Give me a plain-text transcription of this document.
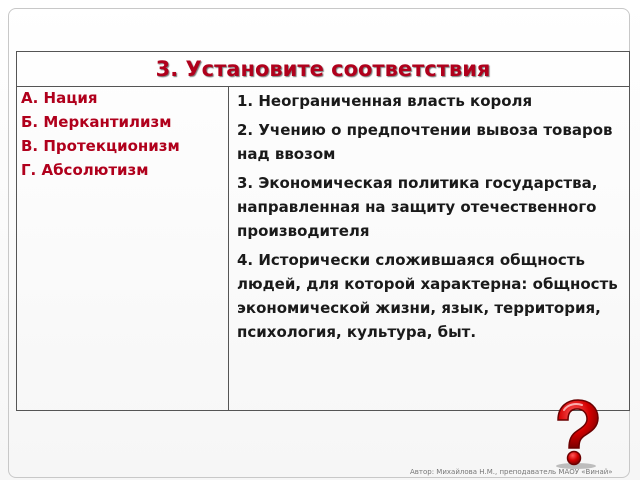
3. Установите соответствия
А. Нация
Б. Меркантилизм
В. Протекционизм
Г. Абсолютизм
1. Неограниченная власть короля
2. Учению о предпочтении вывоза товаров над ввозом
3. Экономическая политика государства, направленная на защиту отечественного производителя
4. Исторически сложившаяся общность людей, для которой характерна: общность экономической жизни, язык, территория, психология, культура, быт.
Автор: Михайлова Н.М., преподаватель МАОУ «Винай»
